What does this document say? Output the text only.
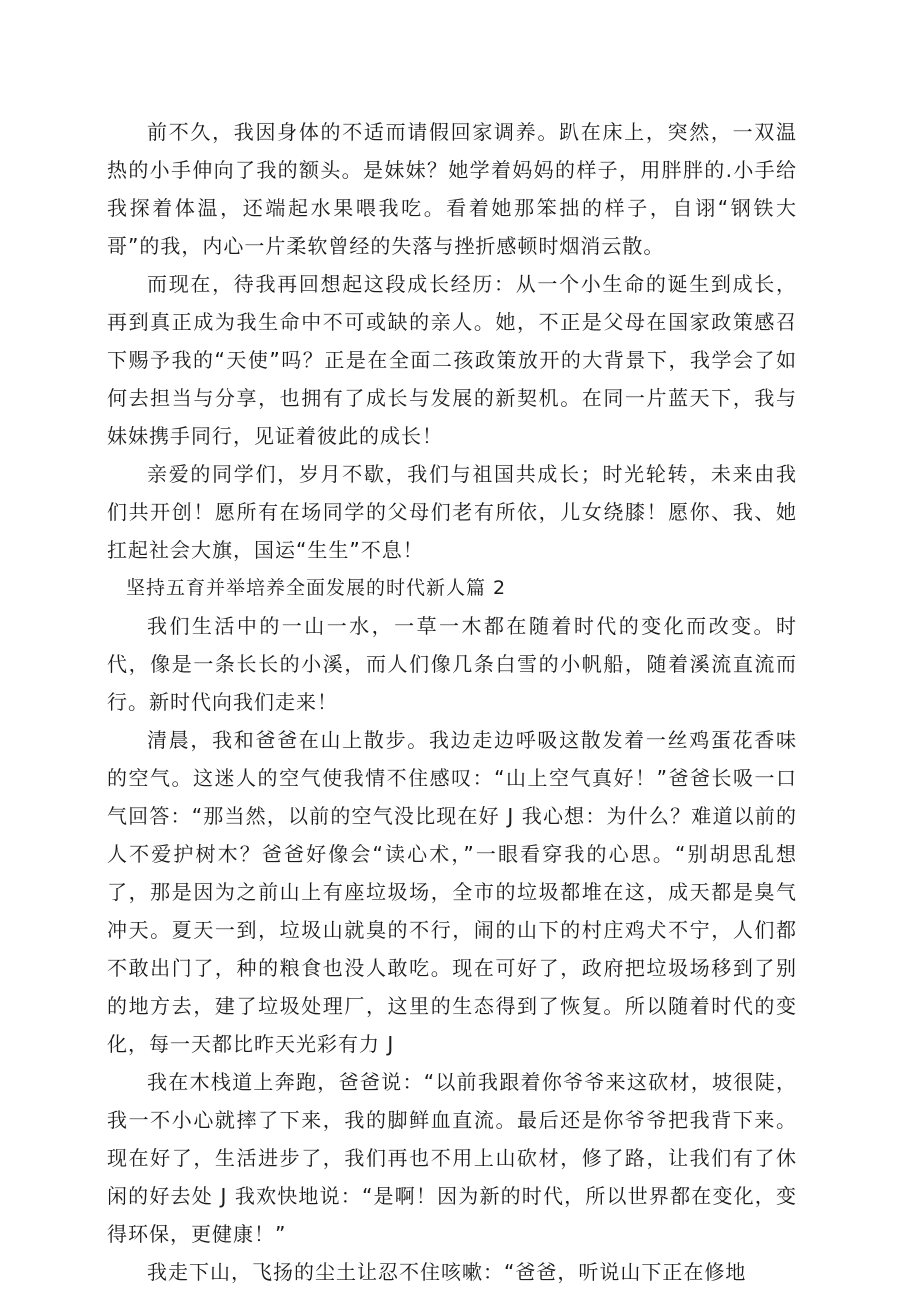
前不久，我因身体的不适而请假回家调养。趴在床上，突然，一双温热的小手伸向了我的额头。是妹妹？她学着妈妈的样子，用胖胖的.小手给我探着体温，还端起水果喂我吃。看着她那笨拙的样子，自诩“钢铁大哥”的我，内心一片柔软曾经的失落与挫折感顿时烟消云散。

而现在，待我再回想起这段成长经历：从一个小生命的诞生到成长，再到真正成为我生命中不可或缺的亲人。她，不正是父母在国家政策感召下赐予我的“天使”吗？正是在全面二孩政策放开的大背景下，我学会了如何去担当与分享，也拥有了成长与发展的新契机。在同一片蓝天下，我与妹妹携手同行，见证着彼此的成长！

亲爱的同学们，岁月不歇，我们与祖国共成长；时光轮转，未来由我们共开创！愿所有在场同学的父母们老有所依，儿女绕膝！愿你、我、她扛起社会大旗，国运“生生”不息！

坚持五育并举培养全面发展的时代新人篇 2

我们生活中的一山一水，一草一木都在随着时代的变化而改变。时代，像是一条长长的小溪，而人们像几条白雪的小帆船，随着溪流直流而行。新时代向我们走来！

清晨，我和爸爸在山上散步。我边走边呼吸这散发着一丝鸡蛋花香味的空气。这迷人的空气使我情不住感叹：“山上空气真好！”爸爸长吸一口气回答：“那当然，以前的空气没比现在好 J 我心想：为什么？难道以前的人不爱护树木？爸爸好像会“读心术，”一眼看穿我的心思。“别胡思乱想了，那是因为之前山上有座垃圾场，全市的垃圾都堆在这，成天都是臭气冲天。夏天一到，垃圾山就臭的不行，闹的山下的村庄鸡犬不宁，人们都不敢出门了，种的粮食也没人敢吃。现在可好了，政府把垃圾场移到了别的地方去，建了垃圾处理厂，这里的生态得到了恢复。所以随着时代的变化，每一天都比昨天光彩有力 J

我在木栈道上奔跑，爸爸说：“以前我跟着你爷爷来这砍材，坡很陡，我一不小心就摔了下来，我的脚鲜血直流。最后还是你爷爷把我背下来。现在好了，生活进步了，我们再也不用上山砍材，修了路，让我们有了休闲的好去处 J 我欢快地说：“是啊！因为新的时代，所以世界都在变化，变得环保，更健康！”

我走下山，飞扬的尘土让忍不住咳嗽：“爸爸，听说山下正在修地
